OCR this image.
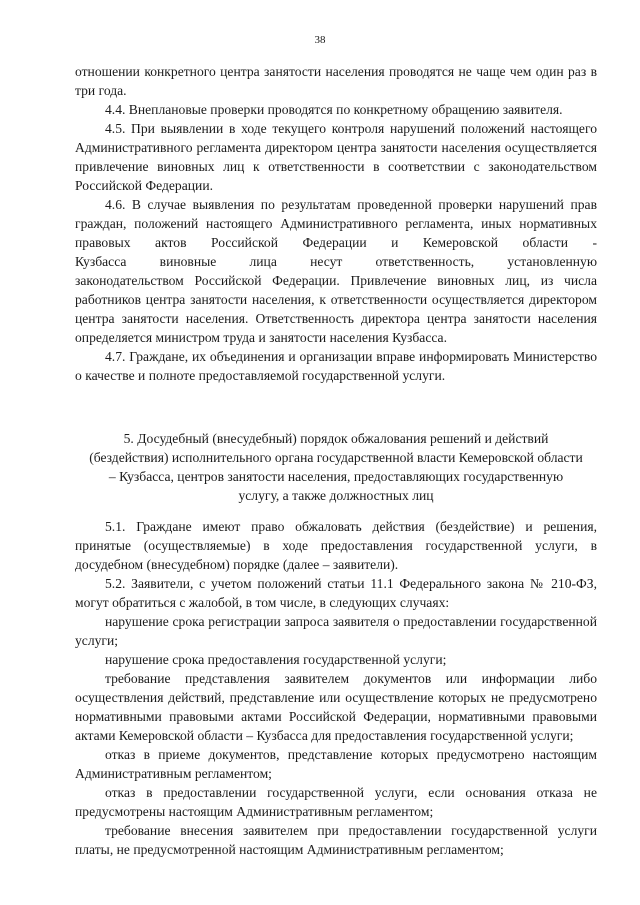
38

отношении конкретного центра занятости населения проводятся не чаще чем один раз в три года.

4.4. Внеплановые проверки проводятся по конкретному обращению заявителя.

4.5. При выявлении в ходе текущего контроля нарушений положений настоящего Административного регламента директором центра занятости населения осуществляется привлечение виновных лиц к ответственности в соответствии с законодательством Российской Федерации.

4.6. В случае выявления по результатам проведенной проверки нарушений прав граждан, положений настоящего Административного регламента, иных нормативных правовых актов Российской Федерации и Кемеровской области -

Кузбасса виновные лица несут ответственность, установленную

законодательством Российской Федерации. Привлечение виновных лиц, из числа работников центра занятости населения, к ответственности осуществляется директором центра занятости населения. Ответственность директора центра занятости населения определяется министром труда и занятости населения Кузбасса.

4.7. Граждане, их объединения и организации вправе информировать Министерство о качестве и полноте предоставляемой государственной услуги.

5. Досудебный (внесудебный) порядок обжалования решений и действий (бездействия) исполнительного органа государственной власти Кемеровской области – Кузбасса, центров занятости населения, предоставляющих государственную услугу, а также должностных лиц

5.1. Граждане имеют право обжаловать действия (бездействие) и решения, принятые (осуществляемые) в ходе предоставления государственной услуги, в досудебном (внесудебном) порядке (далее – заявители).

5.2. Заявители, с учетом положений статьи 11.1 Федерального закона № 210-ФЗ, могут обратиться с жалобой, в том числе, в следующих случаях:

нарушение срока регистрации запроса заявителя о предоставлении государственной услуги;

нарушение срока предоставления государственной услуги;

требование представления заявителем документов или информации либо осуществления действий, представление или осуществление которых не предусмотрено нормативными правовыми актами Российской Федерации, нормативными правовыми актами Кемеровской области – Кузбасса для предоставления государственной услуги;

отказ в приеме документов, представление которых предусмотрено настоящим Административным регламентом;

отказ в предоставлении государственной услуги, если основания отказа не предусмотрены настоящим Административным регламентом;

требование внесения заявителем при предоставлении государственной услуги платы, не предусмотренной настоящим Административным регламентом;
